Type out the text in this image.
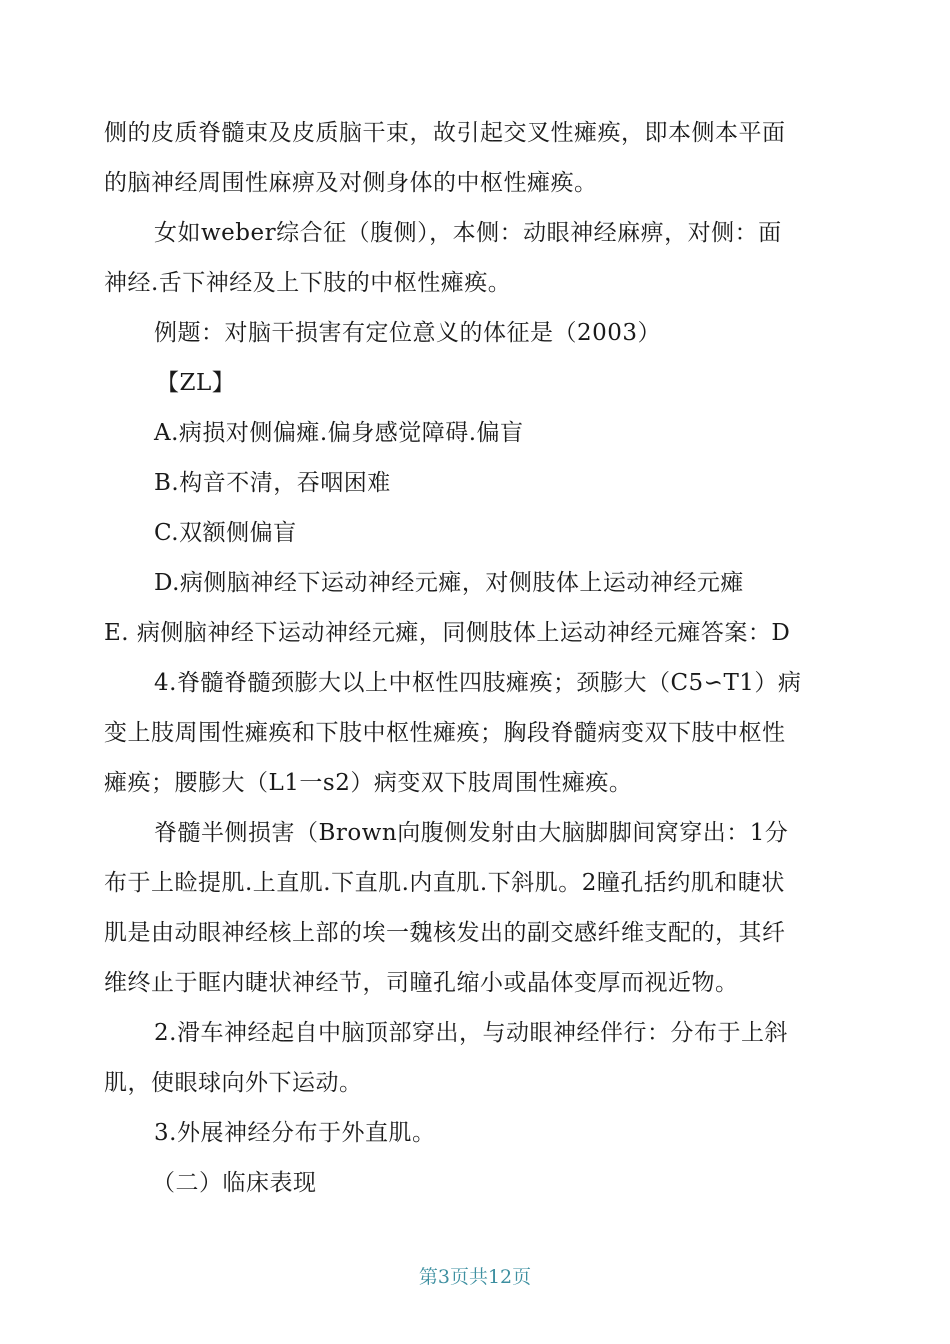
侧的皮质脊髓束及皮质脑干束，故引起交叉性瘫痪，即本侧本平面
的脑神经周围性麻痹及对侧身体的中枢性瘫痪。
女如weber综合征（腹侧），本侧：动眼神经麻痹，对侧：面
神经.舌下神经及上下肢的中枢性瘫痪。
例题：对脑干损害有定位意义的体征是（2003）
【ZL】
A.病损对侧偏瘫.偏身感觉障碍.偏盲
B.构音不清，吞咽困难
C.双额侧偏盲
D.病侧脑神经下运动神经元瘫，对侧肢体上运动神经元瘫
E. 病侧脑神经下运动神经元瘫，同侧肢体上运动神经元瘫答案：D
4.脊髓脊髓颈膨大以上中枢性四肢瘫痪；颈膨大（C5∽T1）病
变上肢周围性瘫痪和下肢中枢性瘫痪；胸段脊髓病变双下肢中枢性
瘫痪；腰膨大（L1一s2）病变双下肢周围性瘫痪。
脊髓半侧损害（Brown向腹侧发射由大脑脚脚间窝穿出：1分
布于上睑提肌.上直肌.下直肌.内直肌.下斜肌。2瞳孔括约肌和睫状
肌是由动眼神经核上部的埃一魏核发出的副交感纤维支配的，其纤
维终止于眶内睫状神经节，司瞳孔缩小或晶体变厚而视近物。
2.滑车神经起自中脑顶部穿出，与动眼神经伴行：分布于上斜
肌，使眼球向外下运动。
3.外展神经分布于外直肌。
（二）临床表现
第3页共12页
